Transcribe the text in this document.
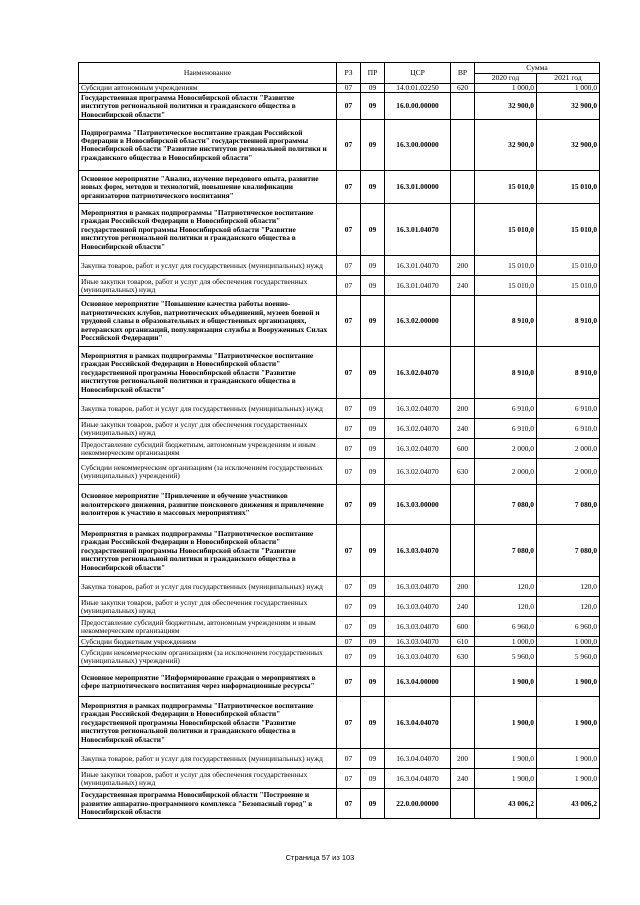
Наименование	РЗ	ПР	ЦСР	ВР	Сумма	
					2020 год	2021 год
Субсидии автономным учреждениям	07	09	14.0.01.02250	620	1 000,0	1 000,0
Государственная программа Новосибирской области "Развитие институтов региональной политики и гражданского общества в Новосибирской области"	07	09	16.0.00.00000		32 900,0	32 900,0
Подпрограмма "Патриотическое воспитание граждан Российской Федерации в Новосибирской области" государственной программы Новосибирской области "Развитие институтов региональной политики и гражданского общества в Новосибирской области"	07	09	16.3.00.00000		32 900,0	32 900,0
Основное мероприятие "Анализ, изучение передового опыта, развитие новых форм, методов и технологий, повышение квалификации организаторов патриотического воспитания"	07	09	16.3.01.00000		15 010,0	15 010,0
Мероприятия в рамках подпрограммы "Патриотическое воспитание граждан Российской Федерации в Новосибирской области" государственной программы Новосибирской области "Развитие институтов региональной политики и гражданского общества в Новосибирской области"	07	09	16.3.01.04070		15 010,0	15 010,0
Закупка товаров, работ и услуг для государственных (муниципальных) нужд	07	09	16.3.01.04070	200	15 010,0	15 010,0
Иные закупки товаров, работ и услуг для обеспечения государственных (муниципальных) нужд	07	09	16.3.01.04070	240	15 010,0	15 010,0
Основное мероприятие "Повышение качества работы военно-патриотических клубов, патриотических объединений, музеев боевой и трудовой славы в образовательных и общественных организациях, ветеранских организаций, популяризация службы в Вооруженных Силах Российской Федерации"	07	09	16.3.02.00000		8 910,0	8 910,0
Мероприятия в рамках подпрограммы "Патриотическое воспитание граждан Российской Федерации в Новосибирской области" государственной программы Новосибирской области "Развитие институтов региональной политики и гражданского общества в Новосибирской области"	07	09	16.3.02.04070		8 910,0	8 910,0
Закупка товаров, работ и услуг для государственных (муниципальных) нужд	07	09	16.3.02.04070	200	6 910,0	6 910,0
Иные закупки товаров, работ и услуг для обеспечения государственных (муниципальных) нужд	07	09	16.3.02.04070	240	6 910,0	6 910,0
Предоставление субсидий бюджетным, автономным учреждениям и иным некоммерческим организациям	07	09	16.3.02.04070	600	2 000,0	2 000,0
Субсидии некоммерческим организациям (за исключением государственных (муниципальных) учреждений)	07	09	16.3.02.04070	630	2 000,0	2 000,0
Основное мероприятие "Привлечение и обучение участников волонтерского движения, развитие поискового движения и привлечение волонтеров к участию в массовых мероприятиях"	07	09	16.3.03.00000		7 080,0	7 080,0
Мероприятия в рамках подпрограммы "Патриотическое воспитание граждан Российской Федерации в Новосибирской области" государственной программы Новосибирской области "Развитие институтов региональной политики и гражданского общества в Новосибирской области"	07	09	16.3.03.04070		7 080,0	7 080,0
Закупка товаров, работ и услуг для государственных (муниципальных) нужд	07	09	16.3.03.04070	200	120,0	120,0
Иные закупки товаров, работ и услуг для обеспечения государственных (муниципальных) нужд	07	09	16.3.03.04070	240	120,0	120,0
Предоставление субсидий бюджетным, автономным учреждениям и иным некоммерческим организациям	07	09	16.3.03.04070	600	6 960,0	6 960,0
Субсидии бюджетным учреждениям	07	09	16.3.03.04070	610	1 000,0	1 000,0
Субсидии некоммерческим организациям (за исключением государственных (муниципальных) учреждений)	07	09	16.3.03.04070	630	5 960,0	5 960,0
Основное мероприятие "Информирование граждан о мероприятиях в сфере патриотического воспитания через информационные ресурсы"	07	09	16.3.04.00000		1 900,0	1 900,0
Мероприятия в рамках подпрограммы "Патриотическое воспитание граждан Российской Федерации в Новосибирской области" государственной программы Новосибирской области "Развитие институтов региональной политики и гражданского общества в Новосибирской области"	07	09	16.3.04.04070		1 900,0	1 900,0
Закупка товаров, работ и услуг для государственных (муниципальных) нужд	07	09	16.3.04.04070	200	1 900,0	1 900,0
Иные закупки товаров, работ и услуг для обеспечения государственных (муниципальных) нужд	07	09	16.3.04.04070	240	1 900,0	1 900,0
Государственная программа Новосибирской области "Построение и развитие аппаратно-программного комплекса "Безопасный город" в Новосибирской области	07	09	22.0.00.00000		43 006,2	43 006,2
Страница 57 из 103
